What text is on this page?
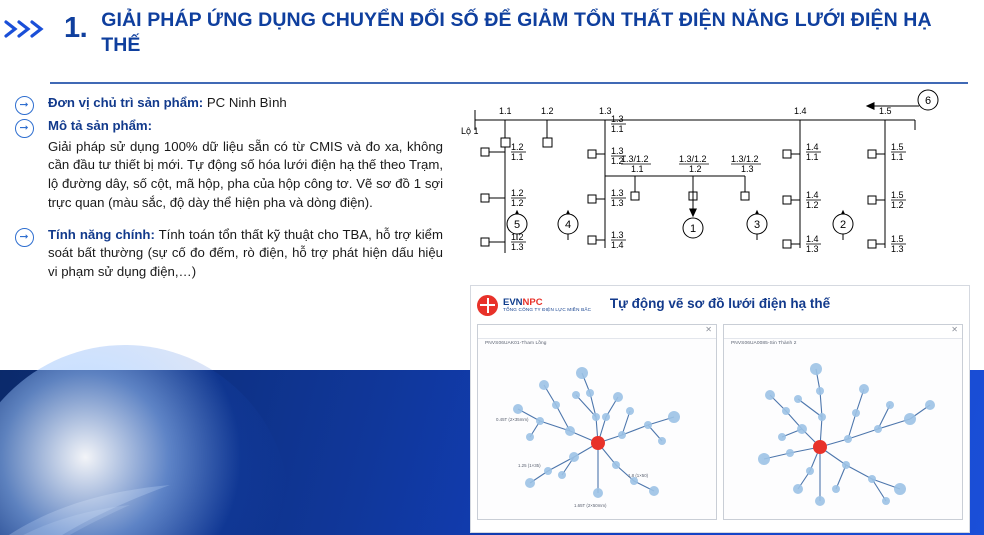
1. GIẢI PHÁP ỨNG DỤNG CHUYỂN ĐỔI SỐ ĐỂ GIẢM TỔN THẤT ĐIỆN NĂNG LƯỚI ĐIỆN HẠ THẾ
➞	Đơn vị chủ trì sản phẩm: PC Ninh Bình
➞	Mô tả sản phẩm:
Giải pháp sử dụng 100% dữ liệu sẵn có từ CMIS và đo xa, không cần đầu tư thiết bị mới. Tự động số hóa lưới điện hạ thế theo Trạm, lộ đường dây, số cột, mã hộp, pha của hộp công tơ. Vẽ sơ đồ 1 sợi trực quan (màu sắc, độ dày thể hiện pha và dòng điện).
➞	Tính năng chính: Tính toán tổn thất kỹ thuật cho TBA, hỗ trợ kiểm soát bất thường (sự cố đo đếm, rò điện, hỗ trợ phát hiện dấu hiệu vi phạm sử dụng điện,…)
1	2
3
4
5
6
Lộ 1
1.1	1.2	1.3	1.4	1.5
1.2
1.1
1.2
1.2
1.2
1.3
1.3
1.1
1.3
1.2
1.3
1.3
1.3
1.4
1.3/1.2
1.1
1.3/1.2
1.2
1.3/1.2
1.3
1.4
1.1
1.4
1.2
1.4
1.3
1.5
1.1
1.5
1.2
1.5
1.3
EVNNPC
TỔNG CÔNG TY ĐIỆN LỰC MIỀN BẮC	Tự động vẽ sơ đồ lưới điện hạ thế
✕
PNVS06UAK01-Tham Lồng
0.45T (2×35mm)
1.8 (1×50)
1.65T (2×50mm)
1.25 (1×35)
✕
PNVS06UA0085-Sin Thành 2
